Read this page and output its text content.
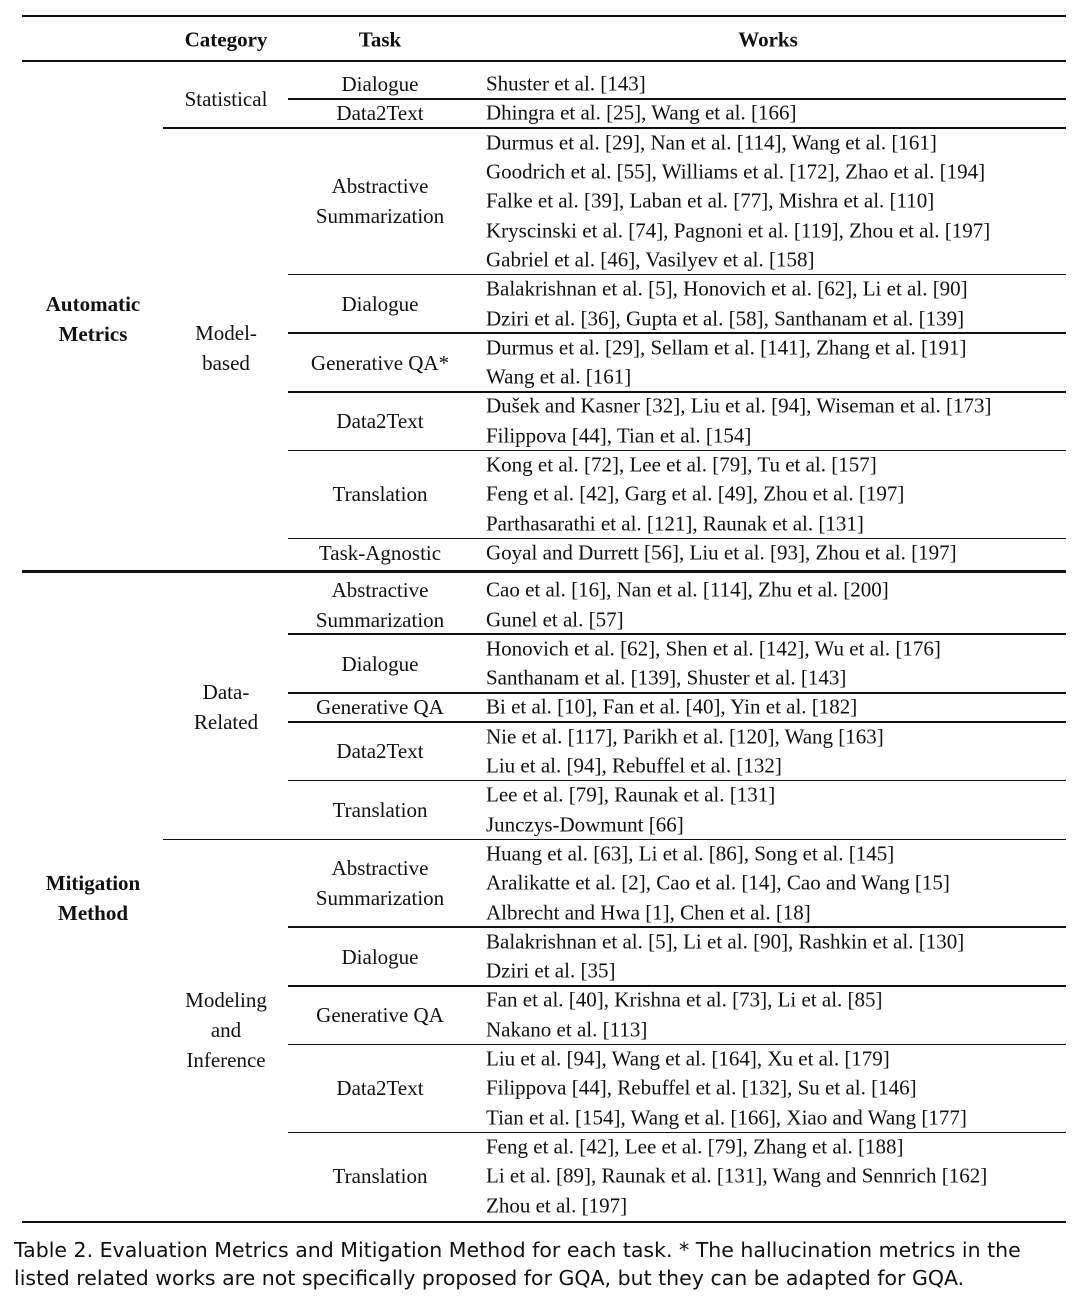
Category	Task	Works
Shuster et al. [143]
Dialogue
Dhingra et al. [25], Wang et al. [166]
Data2Text
Statistical
Durmus et al. [29], Nan et al. [114], Wang et al. [161]
Goodrich et al. [55], Williams et al. [172], Zhao et al. [194]
Falke et al. [39], Laban et al. [77], Mishra et al. [110]
Kryscinski et al. [74], Pagnoni et al. [119], Zhou et al. [197]
Gabriel et al. [46], Vasilyev et al. [158]
Abstractive
Summarization
Balakrishnan et al. [5], Honovich et al. [62], Li et al. [90]
Dziri et al. [36], Gupta et al. [58], Santhanam et al. [139]
Dialogue
Durmus et al. [29], Sellam et al. [141], Zhang et al. [191]
Wang et al. [161]
Generative QA*
Dušek and Kasner [32], Liu et al. [94], Wiseman et al. [173]
Filippova [44], Tian et al. [154]
Data2Text
Kong et al. [72], Lee et al. [79], Tu et al. [157]
Feng et al. [42], Garg et al. [49], Zhou et al. [197]
Parthasarathi et al. [121], Raunak et al. [131]
Translation
Goyal and Durrett [56], Liu et al. [93], Zhou et al. [197]
Task-Agnostic
Model-
based
Automatic
Metrics
Cao et al. [16], Nan et al. [114], Zhu et al. [200]
Gunel et al. [57]
Abstractive
Summarization
Honovich et al. [62], Shen et al. [142], Wu et al. [176]
Santhanam et al. [139], Shuster et al. [143]
Dialogue
Bi et al. [10], Fan et al. [40], Yin et al. [182]
Generative QA
Nie et al. [117], Parikh et al. [120], Wang [163]
Liu et al. [94], Rebuffel et al. [132]
Data2Text
Lee et al. [79], Raunak et al. [131]
Junczys-Dowmunt [66]
Translation
Data-
Related
Huang et al. [63], Li et al. [86], Song et al. [145]
Aralikatte et al. [2], Cao et al. [14], Cao and Wang [15]
Albrecht and Hwa [1], Chen et al. [18]
Abstractive
Summarization
Balakrishnan et al. [5], Li et al. [90], Rashkin et al. [130]
Dziri et al. [35]
Dialogue
Fan et al. [40], Krishna et al. [73], Li et al. [85]
Nakano et al. [113]
Generative QA
Liu et al. [94], Wang et al. [164], Xu et al. [179]
Filippova [44], Rebuffel et al. [132], Su et al. [146]
Tian et al. [154], Wang et al. [166], Xiao and Wang [177]
Data2Text
Feng et al. [42], Lee et al. [79], Zhang et al. [188]
Li et al. [89], Raunak et al. [131], Wang and Sennrich [162]
Zhou et al. [197]
Translation
Modeling
and
Inference
Mitigation
Method
Table 2. Evaluation Metrics and Mitigation Method for each task. * The hallucination metrics in the listed related works are not specifically proposed for GQA, but they can be adapted for GQA.
